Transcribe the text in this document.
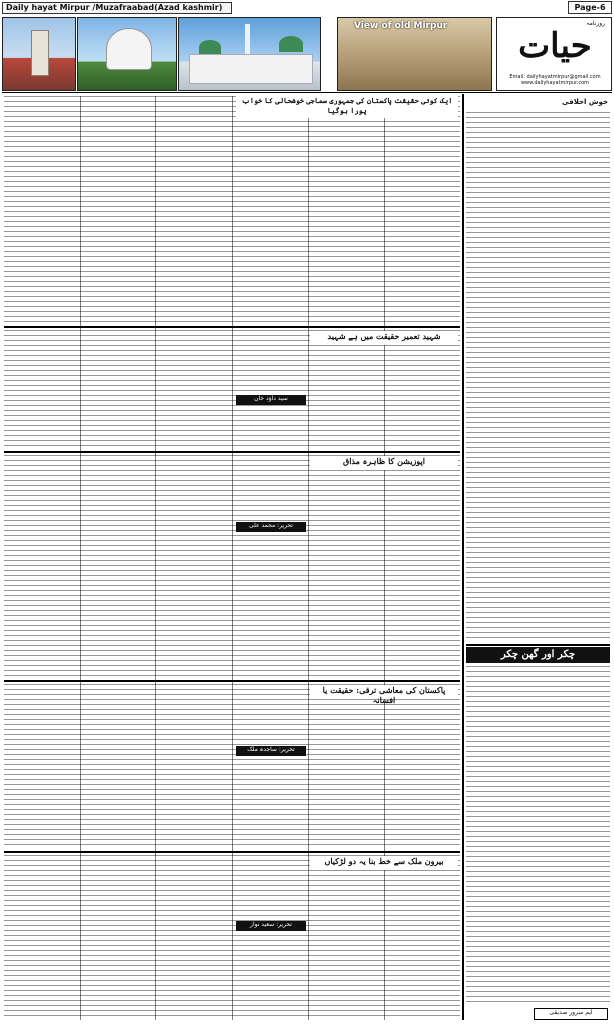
Daily hayat Mirpur /Muzafraabad(Azad kashmir)	Page-6
View of old Mirpur	روزنامہ
حیات
Email: dailyhayatmirpur@gmail.com www.dailyhayatmirpur.com
ایک کوئی حقیقت پاکستان کی جمہوری سماجی خوشحالی کا خواب پورا ہوگیا
شہید تعمیر حقیقت میں ہے شہید
اپوزیشن کا ظاہرہ مذاق
پاکستان کی معاشی ترقی: حقیقت یا افسانہ
بیرون ملک سے خط بنا یہ دو لڑکیاں
سید داؤد خان
تحریر: محمد علی
تحریر: ساجدہ ملک
تحریر: سعید نواز
خوش اخلاقی
چکر اور گھن چکر
ایم سرور صدیقی
